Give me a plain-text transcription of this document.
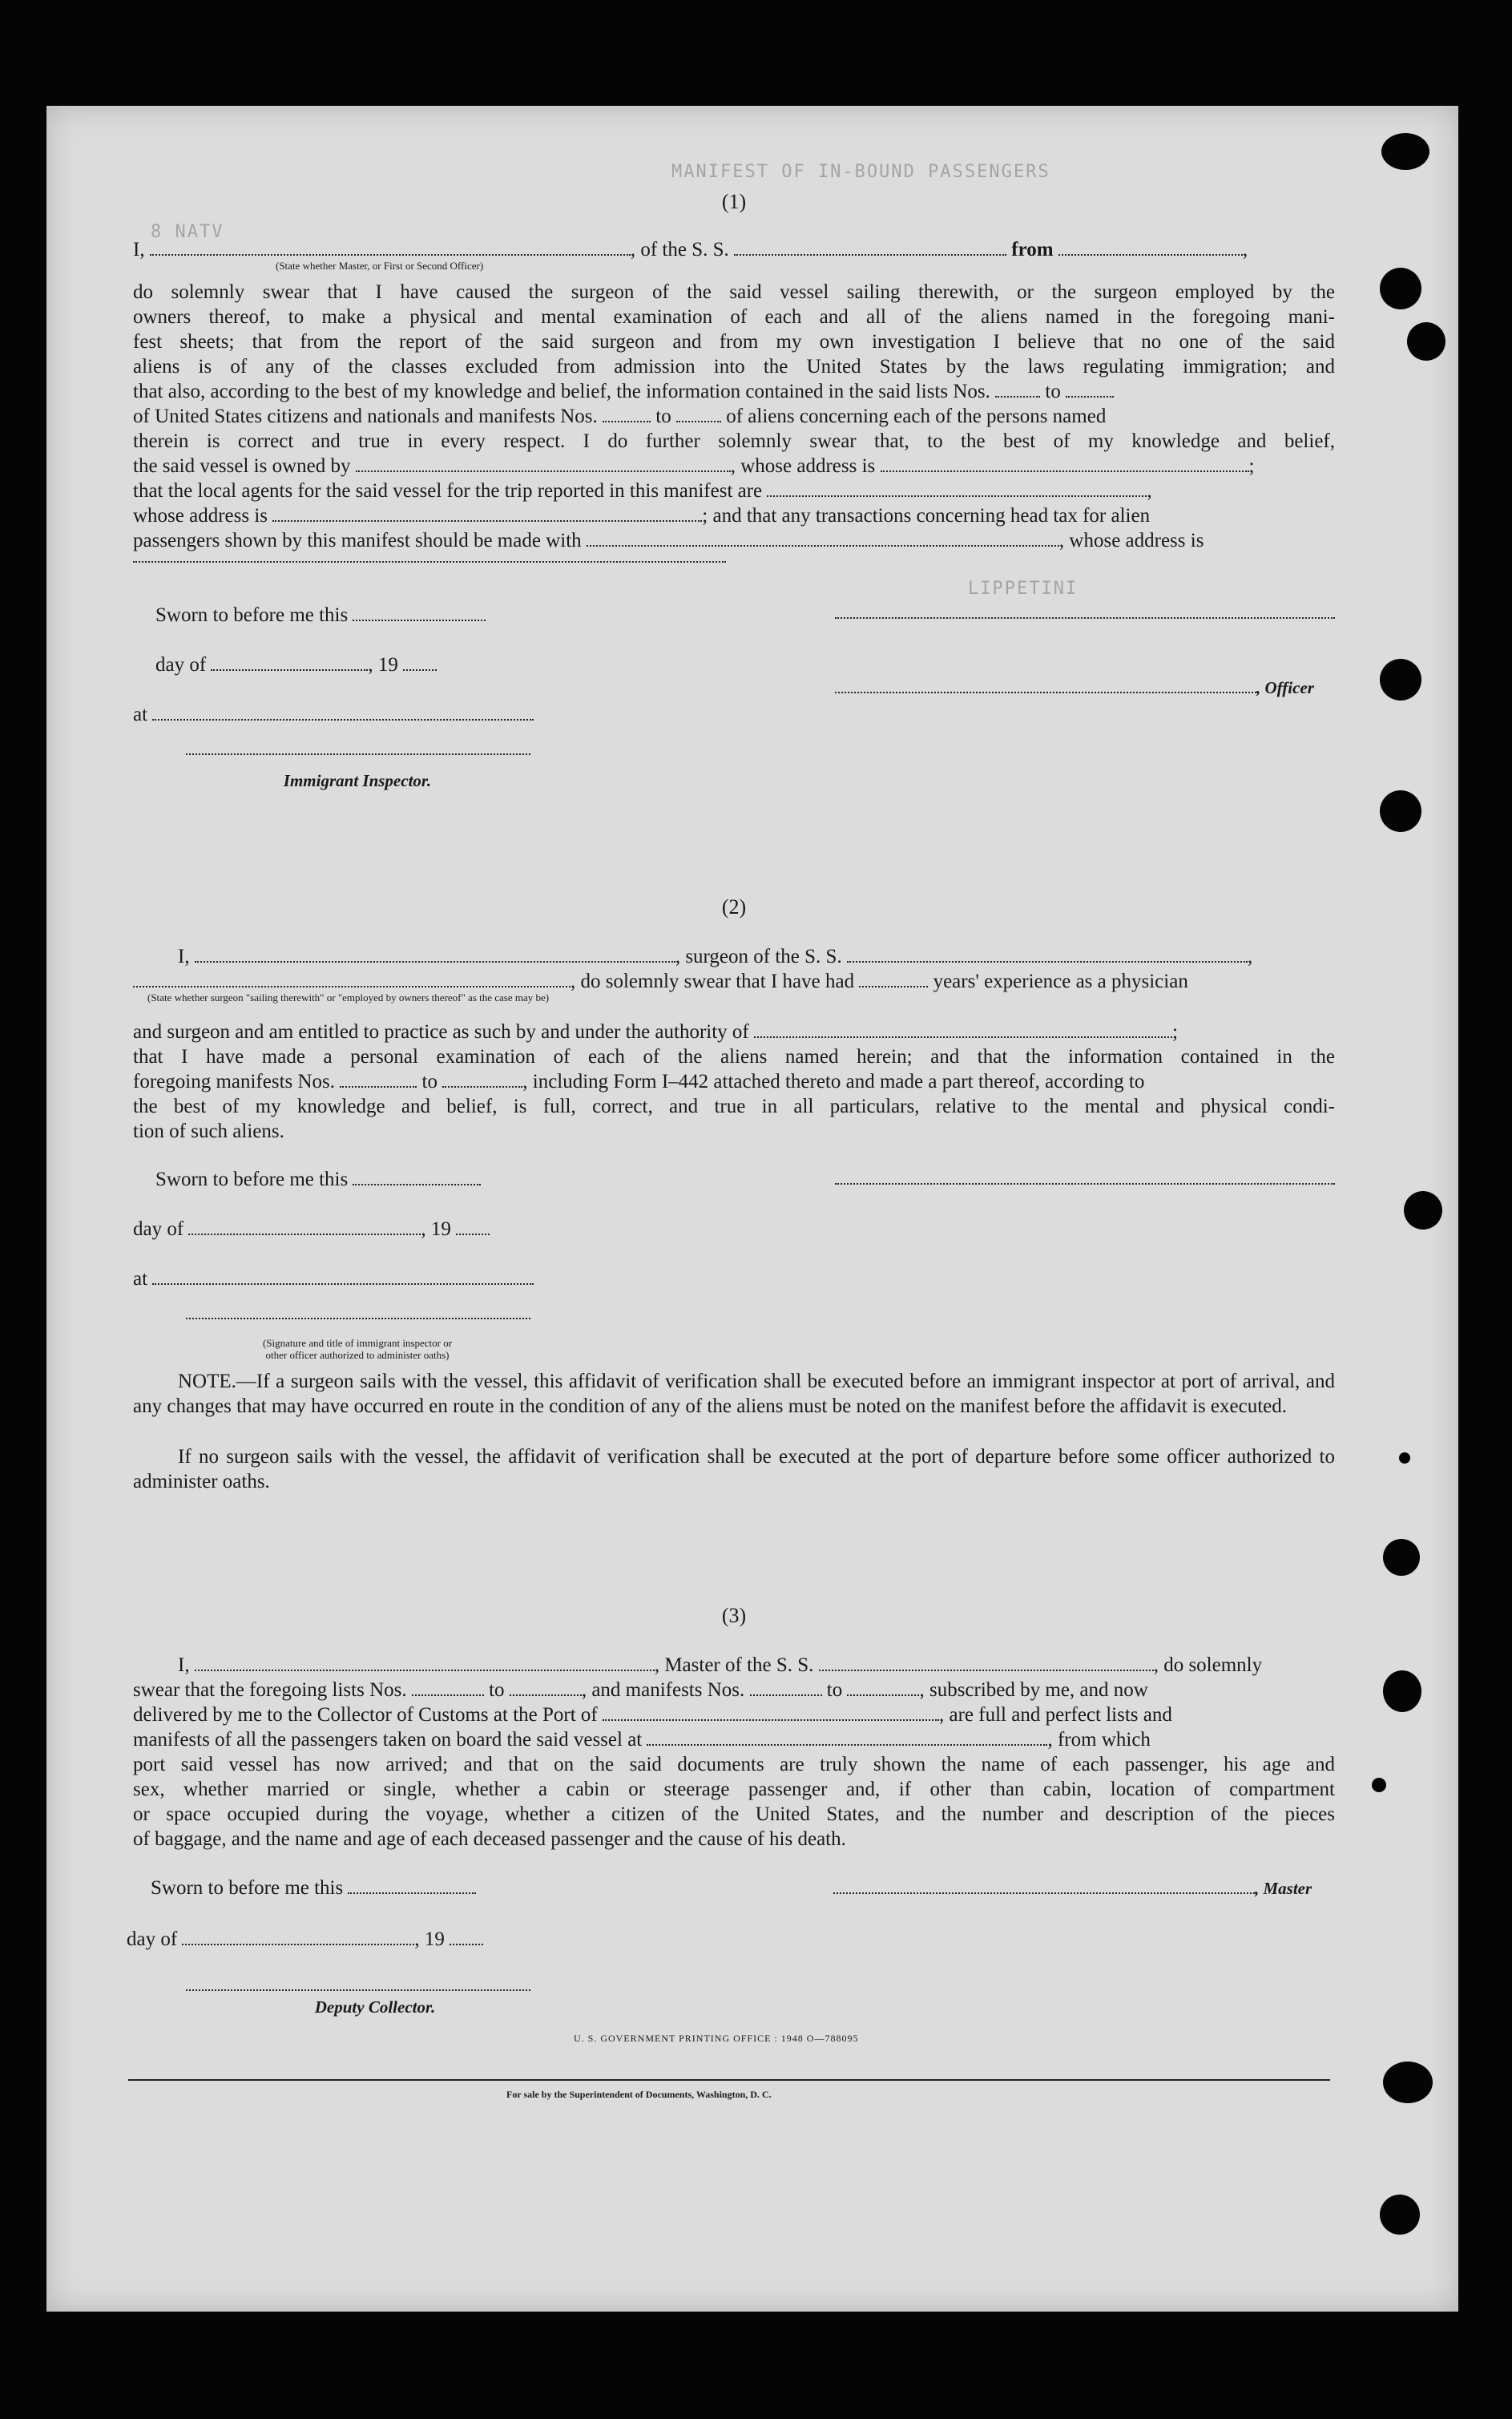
8 NATV
MANIFEST OF IN-BOUND PASSENGERS
LIPPETINI
(1)
I,	, of the S. S.	from	,
(State whether Master, or First or Second Officer)
do solemnly swear that I have caused the surgeon of the said vessel sailing therewith, or the surgeon employed by the
owners thereof, to make a physical and mental examination of each and all of the aliens named in the foregoing mani-
fest sheets; that from the report of the said surgeon and from my own investigation I believe that no one of the said
aliens is of any of the classes excluded from admission into the United States by the laws regulating immigration; and
that also, according to the best of my knowledge and belief, the information contained in the said lists Nos.	to
of United States citizens and nationals and manifests Nos.	to	of aliens concerning each of the persons named
therein is correct and true in every respect. I do further solemnly swear that, to the best of my knowledge and belief,
the said vessel is owned by	, whose address is	;
that the local agents for the said vessel for the trip reported in this manifest are	,
whose address is	; and that any transactions concerning head tax for alien
passengers shown by this manifest should be made with	, whose address is
Sworn to before me this
day of	, 19
, Officer
at
Immigrant Inspector.
(2)
I,	, surgeon of the S. S.	,
, do solemnly swear that I have had	years' experience as a physician
(State whether surgeon "sailing therewith" or "employed by owners thereof" as the case may be)
and surgeon and am entitled to practice as such by and under the authority of	;
that I have made a personal examination of each of the aliens named herein; and that the information contained in the
foregoing manifests Nos.	to	, including Form I–442 attached thereto and made a part thereof, according to
the best of my knowledge and belief, is full, correct, and true in all particulars, relative to the mental and physical condi-
tion of such aliens.
Sworn to before me this
day of	, 19
at
(Signature and title of immigrant inspector or
other officer authorized to administer oaths)
NOTE.—If a surgeon sails with the vessel, this affidavit of verification shall be executed before an immigrant inspector at port of arrival, and any changes that may have occurred en route in the condition of any of the aliens must be noted on the manifest before the affidavit is executed.
If no surgeon sails with the vessel, the affidavit of verification shall be executed at the port of departure before some officer authorized to administer oaths.
(3)
I,	, Master of the S. S.	, do solemnly
swear that the foregoing lists Nos.	to	, and manifests Nos.	to	, subscribed by me, and now
delivered by me to the Collector of Customs at the Port of	, are full and perfect lists and
manifests of all the passengers taken on board the said vessel at	, from which
port said vessel has now arrived; and that on the said documents are truly shown the name of each passenger, his age and
sex, whether married or single, whether a cabin or steerage passenger and, if other than cabin, location of compartment
or space occupied during the voyage, whether a citizen of the United States, and the number and description of the pieces
of baggage, and the name and age of each deceased passenger and the cause of his death.
Sworn to before me this	, Master
day of	, 19
Deputy Collector.
U. S. GOVERNMENT PRINTING OFFICE : 1948 O—788095
For sale by the Superintendent of Documents, Washington, D. C.
